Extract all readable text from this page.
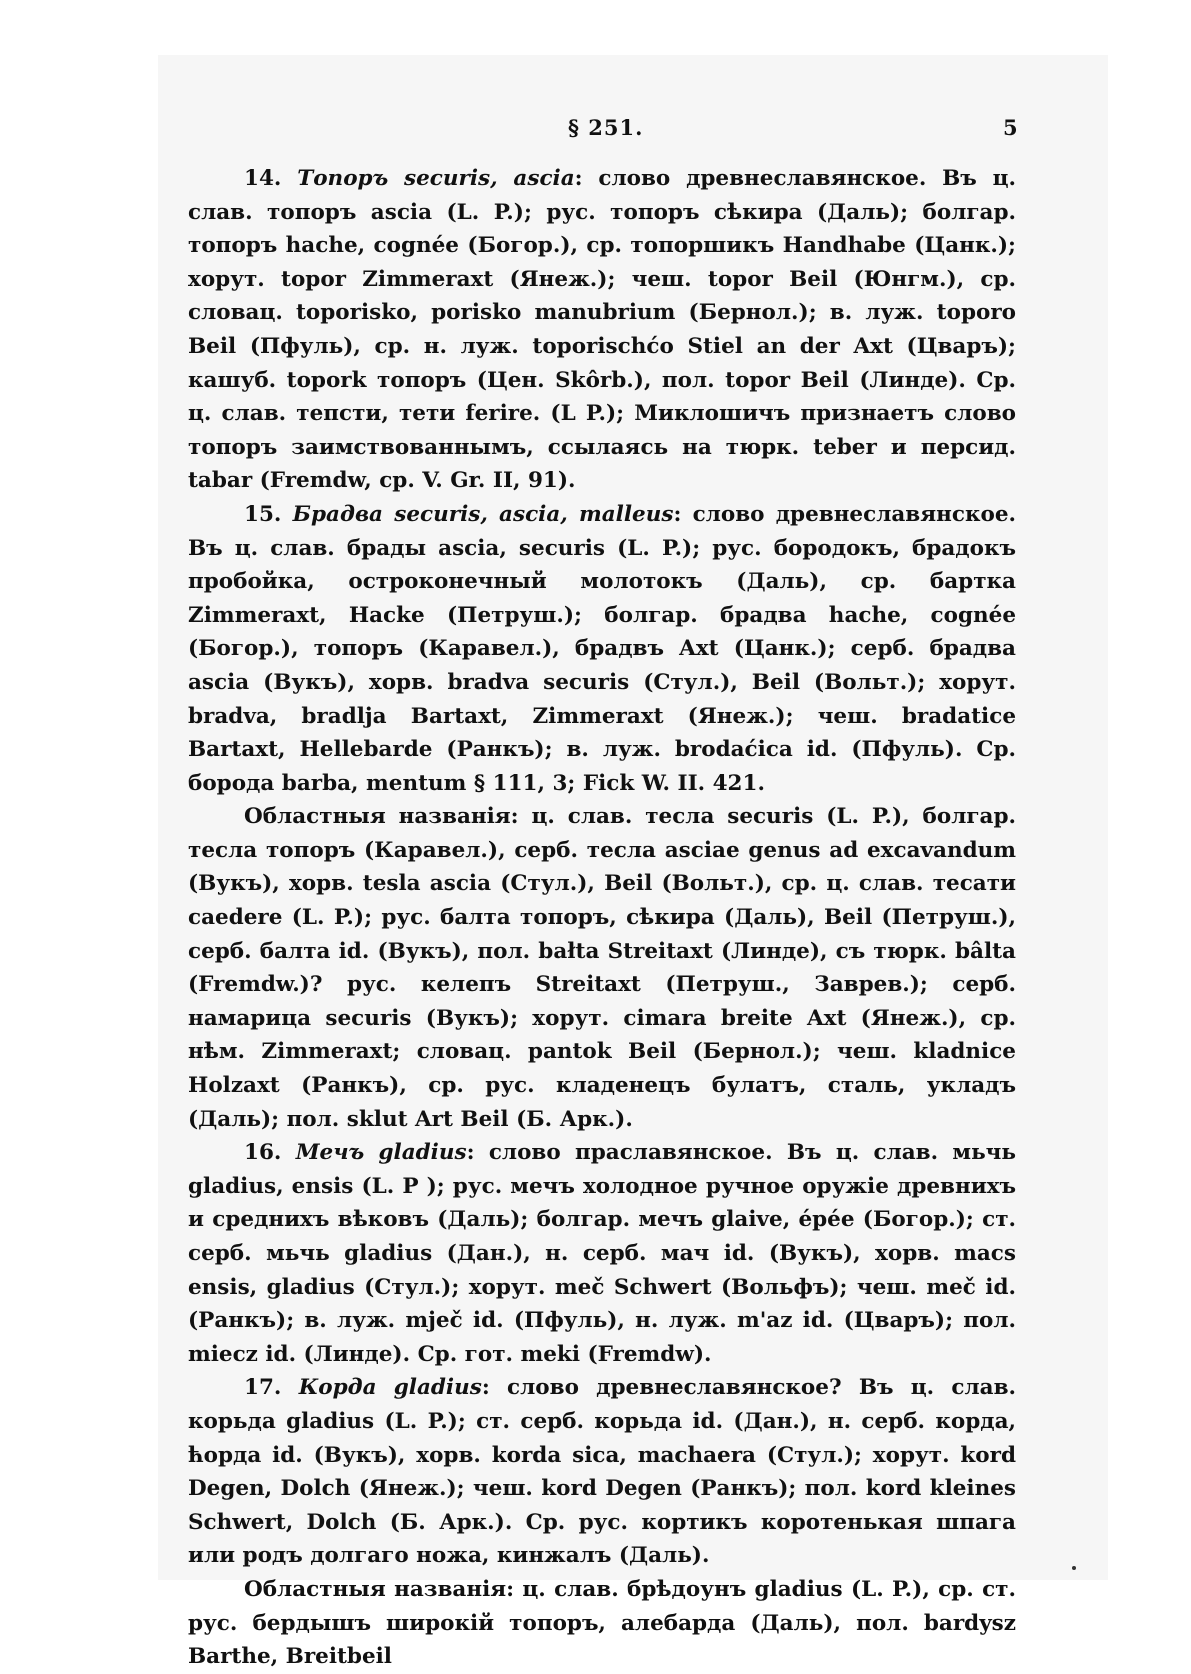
§ 251.	5

14. Топоръ securis, ascia: слово древнеславянское. Въ ц. слав. топоръ ascia (L. P.); рус. топоръ сѣкира (Даль); болгар. топоръ hache, cognée (Богор.), ср. топоршикъ Handhabe (Цанк.); хорут. topor Zimmeraxt (Янеж.); чеш. topor Beil (Юнгм.), ср. словац. toporisko, porisko manubrium (Бернол.); в. луж. toporo Beil (Пфуль), ср. н. луж. toporischćo Stiel an der Axt (Цваръ); кашуб. topork топоръ (Цен. Skôrb.), пол. topor Beil (Линде). Ср. ц. слав. тепсти, тети ferire. (L P.); Миклошичъ признаетъ слово топоръ заимствованнымъ, ссылаясь на тюрк. teber и персид. tabar (Fremdw, ср. V. Gr. II, 91).

15. Брадва securis, ascia, malleus: слово древнеславянское. Въ ц. слав. брады ascia, securis (L. P.); рус. бородокъ, брадокъ пробойка, остроконечный молотокъ (Даль), ср. бартка Zimmeraxt, Hacke (Петруш.); болгар. брадва hache, cognée (Богор.), топоръ (Каравел.), брадвъ Axt (Цанк.); серб. брадва ascia (Вукъ), хорв. bradva securis (Стул.), Beil (Вольт.); хорут. bradva, bradlja Bartaxt, Zimmeraxt (Янеж.); чеш. bradatice Bartaxt, Hellebarde (Ранкъ); в. луж. brodaćica id. (Пфуль). Ср. борода barba, mentum § 111, 3; Fick W. II. 421.

Областныя названія: ц. слав. тесла securis (L. P.), болгар. тесла топоръ (Каравел.), серб. тесла asciae genus ad excavandum (Вукъ), хорв. tesla ascia (Стул.), Beil (Вольт.), ср. ц. слав. тесати caedere (L. P.); рус. балта топоръ, сѣкира (Даль), Beil (Петруш.), серб. балта id. (Вукъ), пол. bałta Streitaxt (Линде), съ тюрк. bâlta (Fremdw.)? рус. келепъ Streitaxt (Петруш., Заврев.); серб. намарица securis (Вукъ); хорут. cimara breite Axt (Янеж.), ср. нѣм. Zimmeraxt; словац. pantok Beil (Бернол.); чеш. kladnice Holzaxt (Ранкъ), ср. рус. кладенецъ булатъ, сталь, укладъ (Даль); пол. sklut Art Beil (Б. Арк.).

16. Мечъ gladius: слово праславянское. Въ ц. слав. мьчь gladius, ensis (L. P ); рус. мечъ холодное ручное оружіе древнихъ и среднихъ вѣковъ (Даль); болгар. мечъ glaive, épée (Богор.); ст. серб. мьчь gladius (Дан.), н. серб. мач id. (Вукъ), хорв. macs ensis, gladius (Стул.); хорут. meč Schwert (Вольфъ); чеш. meč id. (Ранкъ); в. луж. mječ id. (Пфуль), н. луж. m'az id. (Цваръ); пол. miecz id. (Линде). Ср. гот. meki (Fremdw).

17. Корда gladius: слово древнеславянское? Въ ц. слав. корьда gladius (L. P.); ст. серб. корьда id. (Дан.), н. серб. корда, ћорда id. (Вукъ), хорв. korda sica, machaera (Стул.); хорут. kord Degen, Dolch (Янеж.); чеш. kord Degen (Ранкъ); пол. kord kleines Schwert, Dolch (Б. Арк.). Ср. рус. кортикъ коротенькая шпага или родъ долгаго ножа, кинжалъ (Даль).

Областныя названія: ц. слав. брѣдоунъ gladius (L. P.), ср. ст. рус. бердышъ широкій топоръ, алебарда (Даль), пол. bardysz Barthe, Breitbeil
